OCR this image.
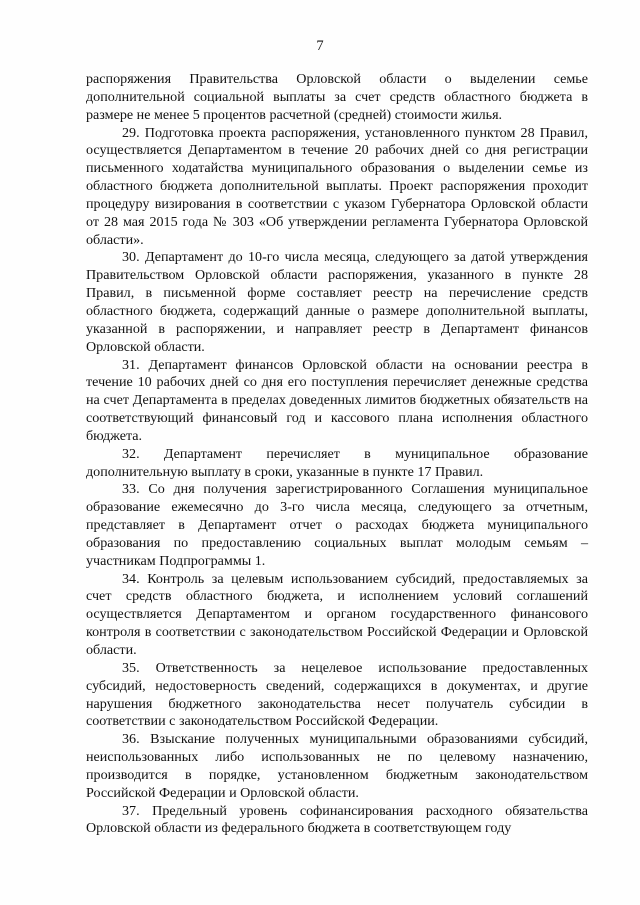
7

распоряжения Правительства Орловской области о выделении семье дополнительной социальной выплаты за счет средств областного бюджета в размере не менее 5 процентов расчетной (средней) стоимости жилья.

29. Подготовка проекта распоряжения, установленного пунктом 28 Правил, осуществляется Департаментом в течение 20 рабочих дней со дня регистрации письменного ходатайства муниципального образования о выделении семье из областного бюджета дополнительной выплаты. Проект распоряжения проходит процедуру визирования в соответствии с указом Губернатора Орловской области от 28 мая 2015 года № 303 «Об утверждении регламента Губернатора Орловской области».

30. Департамент до 10-го числа месяца, следующего за датой утверждения Правительством Орловской области распоряжения, указанного в пункте 28 Правил, в письменной форме составляет реестр на перечисление средств областного бюджета, содержащий данные о размере дополнительной выплаты, указанной в распоряжении, и направляет реестр в Департамент финансов Орловской области.

31. Департамент финансов Орловской области на основании реестра в течение 10 рабочих дней со дня его поступления перечисляет денежные средства на счет Департамента в пределах доведенных лимитов бюджетных обязательств на соответствующий финансовый год и кассового плана исполнения областного бюджета.

32. Департамент перечисляет в муниципальное образование дополнительную выплату в сроки, указанные в пункте 17 Правил.

33. Со дня получения зарегистрированного Соглашения муниципальное образование ежемесячно до 3-го числа месяца, следующего за отчетным, представляет в Департамент отчет о расходах бюджета муниципального образования по предоставлению социальных выплат молодым семьям – участникам Подпрограммы 1.

34. Контроль за целевым использованием субсидий, предоставляемых за счет средств областного бюджета, и исполнением условий соглашений осуществляется Департаментом и органом государственного финансового контроля в соответствии с законодательством Российской Федерации и Орловской области.

35. Ответственность за нецелевое использование предоставленных субсидий, недостоверность сведений, содержащихся в документах, и другие нарушения бюджетного законодательства несет получатель субсидии в соответствии с законодательством Российской Федерации.

36. Взыскание полученных муниципальными образованиями субсидий, неиспользованных либо использованных не по целевому назначению, производится в порядке, установленном бюджетным законодательством Российской Федерации и Орловской области.

37. Предельный уровень софинансирования расходного обязательства Орловской области из федерального бюджета в соответствующем году
